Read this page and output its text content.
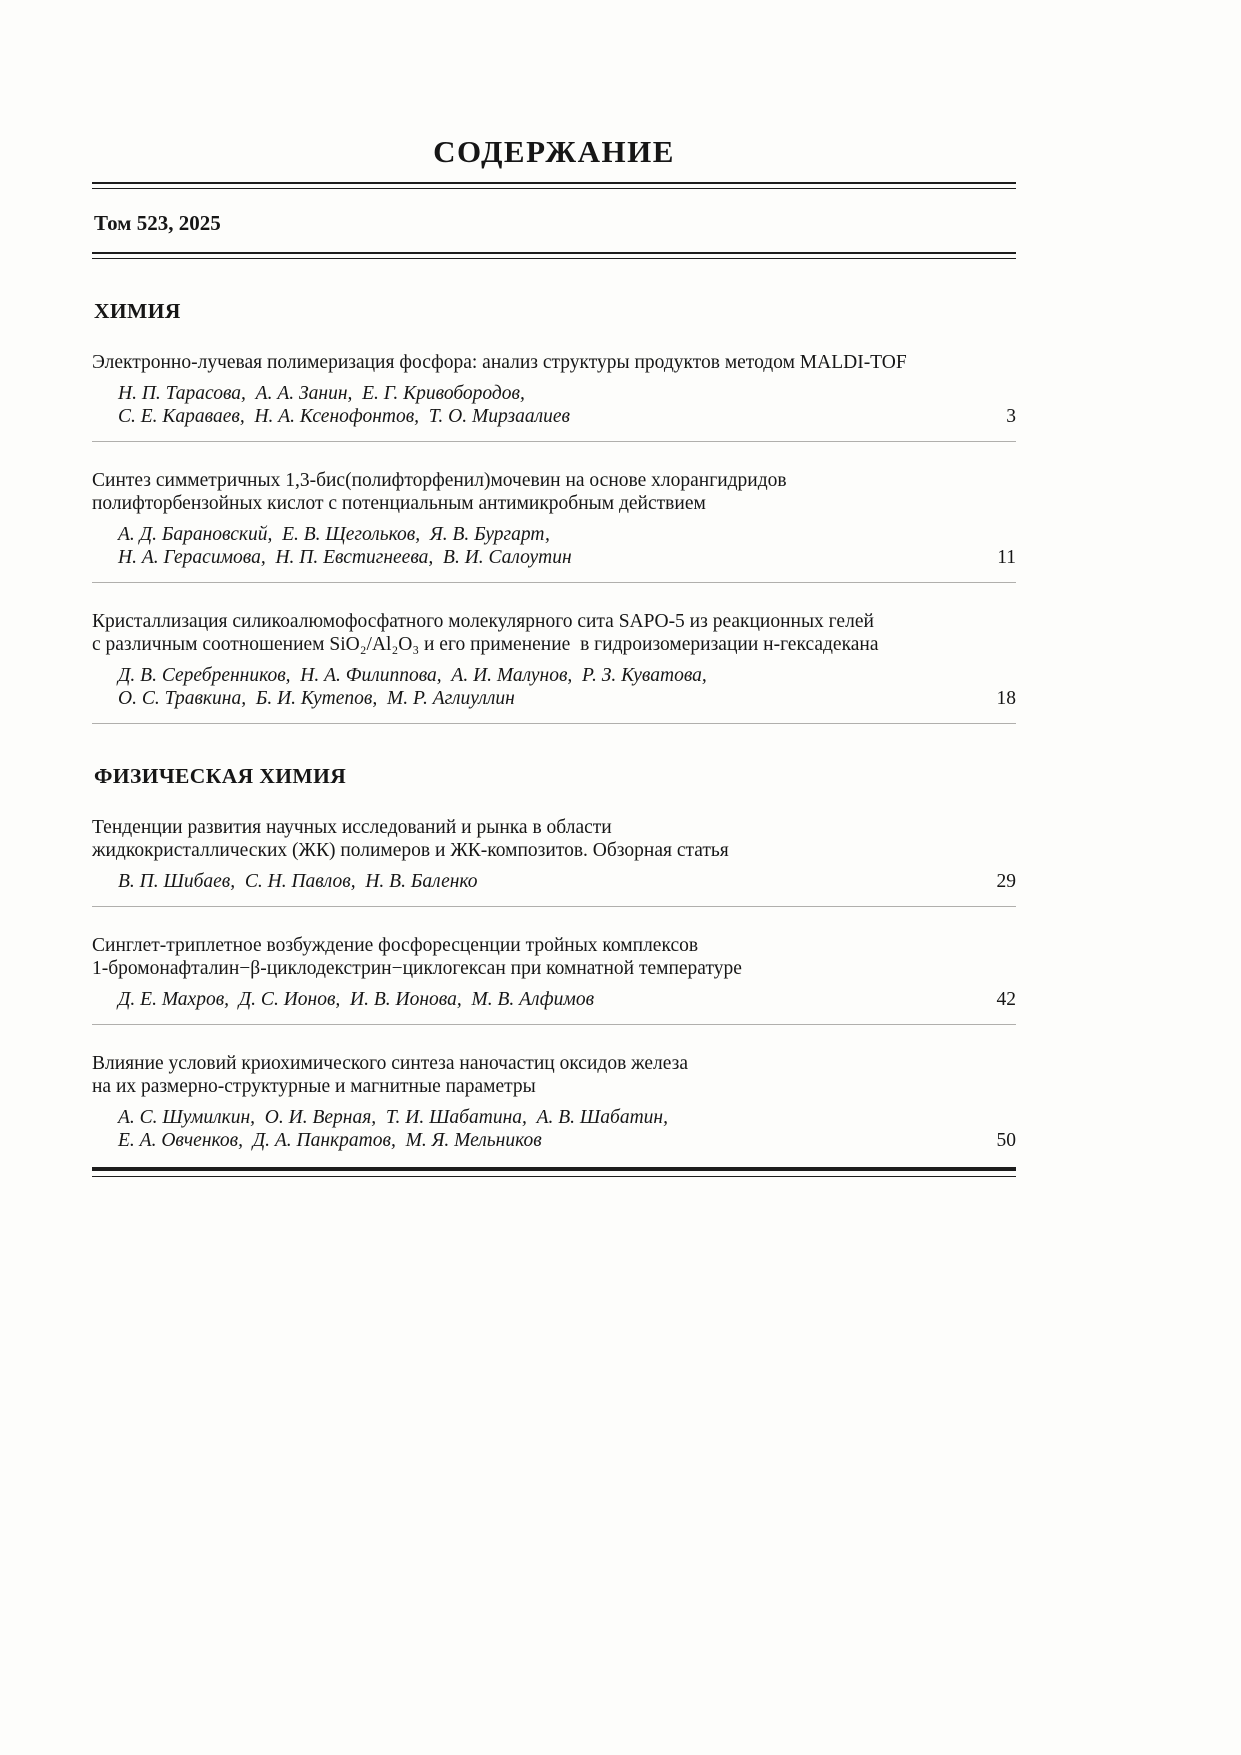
СОДЕРЖАНИЕ
Том 523, 2025
ХИМИЯ
Электронно-лучевая полимеризация фосфора: анализ структуры продуктов методом MALDI-TOF
Н. П. Тарасова,  А. А. Занин,  Е. Г. Кривобородов,
С. Е. Караваев,  Н. А. Ксенофонтов,  Т. О. Мирзаалиев	3
Синтез симметричных 1,3-бис(полифторфенил)мочевин на основе хлорангидридов
полифторбензойных кислот с потенциальным антимикробным действием
А. Д. Барановский,  Е. В. Щегольков,  Я. В. Бургарт,
Н. А. Герасимова,  Н. П. Евстигнеева,  В. И. Салоутин	11
Кристаллизация силикоалюмофосфатного молекулярного сита SAPO-5 из реакционных гелей
с различным соотношением SiO₂/Al₂O₃ и его применение  в гидроизомеризации н-гексадекана
Д. В. Серебренников,  Н. А. Филиппова,  А. И. Малунов,  Р. З. Куватова,
О. С. Травкина,  Б. И. Кутепов,  М. Р. Аглиуллин	18
ФИЗИЧЕСКАЯ ХИМИЯ
Тенденции развития научных исследований и рынка в области
жидкокристаллических (ЖК) полимеров и ЖК-композитов. Обзорная статья
В. П. Шибаев,  С. Н. Павлов,  Н. В. Баленко	29
Синглет-триплетное возбуждение фосфоресценции тройных комплексов
1-бромонафталин−β-циклодекстрин−циклогексан при комнатной температуре
Д. Е. Махров,  Д. С. Ионов,  И. В. Ионова,  М. В. Алфимов	42
Влияние условий криохимического синтеза наночастиц оксидов железа
на их размерно-структурные и магнитные параметры
А. С. Шумилкин,  О. И. Верная,  Т. И. Шабатина,  А. В. Шабатин,
Е. А. Овченков,  Д. А. Панкратов,  М. Я. Мельников	50
